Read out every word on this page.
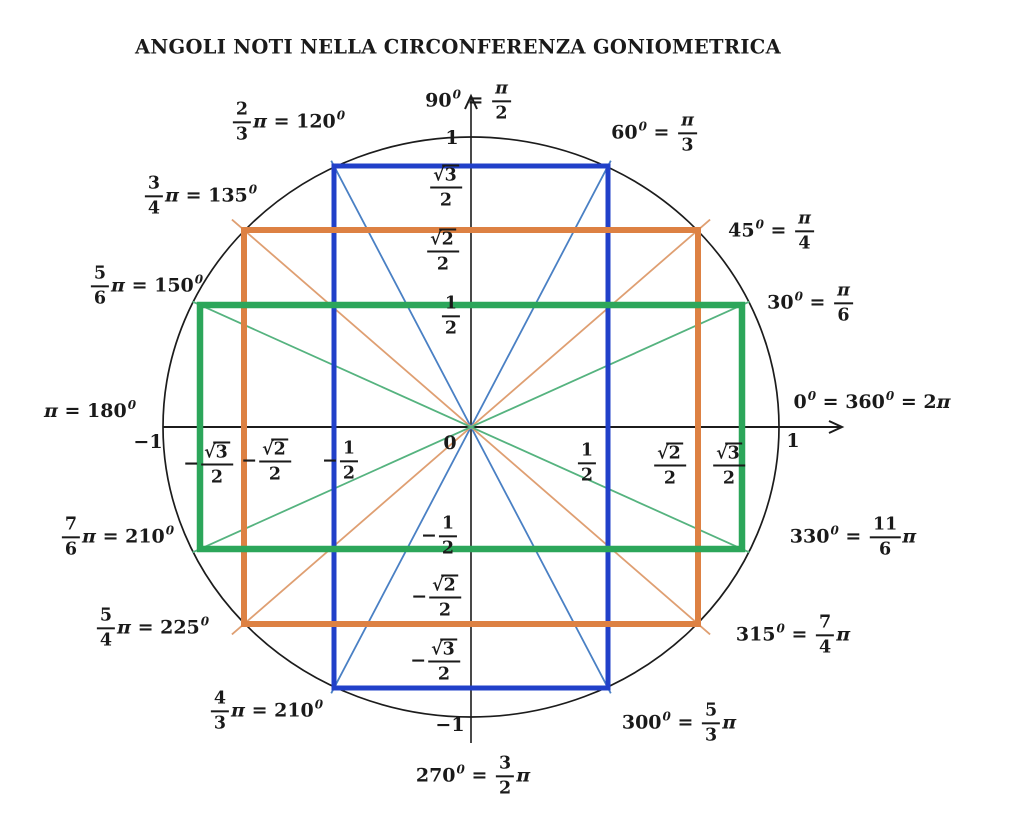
ANGOLI NOTI NELLA CIRCONFERENZA GONIOMETRICA
$900 = \frac{\pi}{2}$
$600 = \frac{\pi}{3}$
$450 = \frac{\pi}{4}$
$300 = \frac{\pi}{6}$
00 = 3600 = 2π
$3300 = \frac{11}{6}$ π
$3150 = \frac{7}{4}$ π
$3000 = \frac{5}{3}$ π
$2700 = \frac{3}{2}$ π
$\frac{4}{3}$ π = 2100
$\frac{5}{4}$ π = 2250
$\frac{7}{6}$ π = 2100
π = 1800
$\frac{5}{6}$ π = 1500
$\frac{3}{4}$ π = 1350
$\frac{2}{3}$ π = 1200
−1
− $\frac{√3}{2} - \frac{√2}{2} - \frac{1}{2}$	0	$\frac{1}{2}$	$\frac{√2}{2} \frac{√3}{2}$
1
1
$\frac{√3}{2}$
$\frac{√2}{2}$
$\frac{1}{2}$
− $\frac{1}{2}$
− $\frac{√2}{2}$
− $\frac{√3}{2}$
−1
